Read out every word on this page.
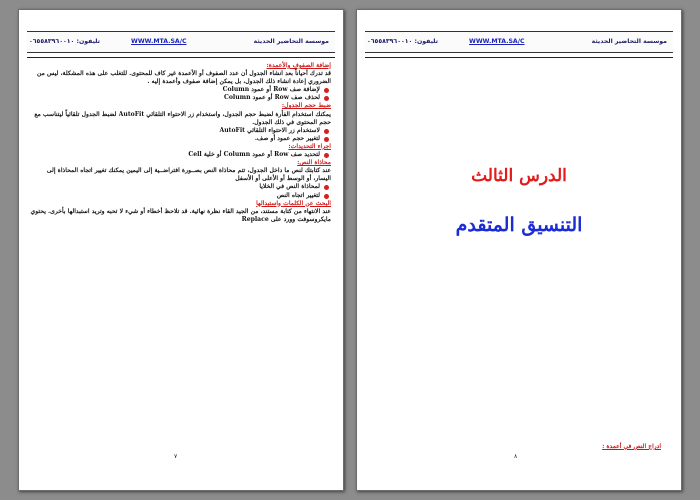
تليفون: ٠٦٥٥٨٣٩٦٠٠١٠	WWW.MTA.SA/C	موسسة التحاضير الحديثة
إضافة الصفوف والأعمدة:
قد تدرك أحياناً بعد انشاء الجدول أن عدد الصفوف أو الأعمدة غير كاف للمحتوى. للتغلب على هذه المشكلة، ليس من الضروري إعادة انشاء ذلك الجدول، بل يمكن إضافة صفوف وأعمدة إليه .
لإضافة صف Row أو عمود Column
لحذف صف Row أو عمود Column
ضبط حجم الجدول:
يمكنك استخدام الفأرة لضبط حجم الجدول، واستخدام زر الاحتواء التلقائي AutoFit لضبط الجدول تلقائياً ليتناسب مع حجم المحتوى في ذلك الجدول.
لاستخدام زر الاحتواء التلقائي AutoFit
لتغيير حجم عمود أو صف.
اجراء التحديدات:
لتحديد صف Row أو عمود Column أو خلية Cell
محاذاة النص:
عند كتابتك لنص ما داخل الجدول، تتم محاذاة النص بصــورة افتراضــية إلى اليمين يمكنك تغيير اتجاه المحاذاة إلى اليسار، أو الوسط أو الأعلى أو الأسفل
لمحاذاة النص في الخلايا
لتغيير اتجاه النص
البحث عن الكلمات واستبدالها
عند الانتهاء من كتابة مستند، من الجيد القاء نظرة نهائية. قد تلاحظ أخطاء أو شيء لا تحبه وتريد استبدالها بأخرى. يحتوي مايكروسوفت وورد على Replace
٧
تليفون: ٠٦٥٥٨٣٩٦٠٠١٠	WWW.MTA.SA/C	موسسة التحاضير الحديثة
الدرس الثالث
التنسيق المتقدم
ادراج النص في أعمدة :
٨
